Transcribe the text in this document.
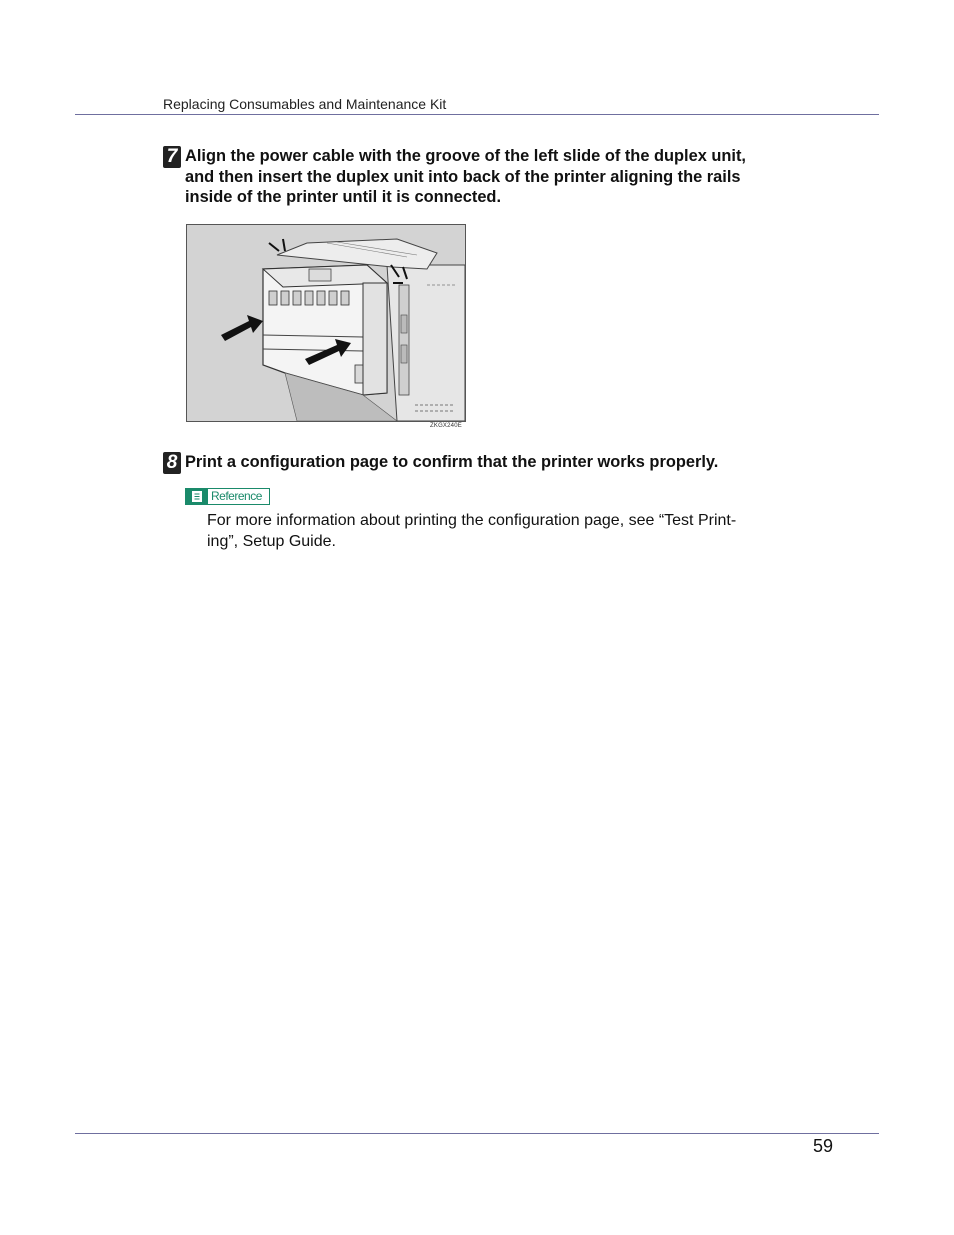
Replacing Consumables and Maintenance Kit
7 Align the power cable with the groove of the left slide of the duplex unit,
and then insert the duplex unit into back of the printer aligning the rails
inside of the printer until it is connected.
ZKGX240E
8 Print a configuration page to confirm that the printer works properly.
Reference
For more information about printing the configuration page, see “Test Print-
ing”, Setup Guide.
59
